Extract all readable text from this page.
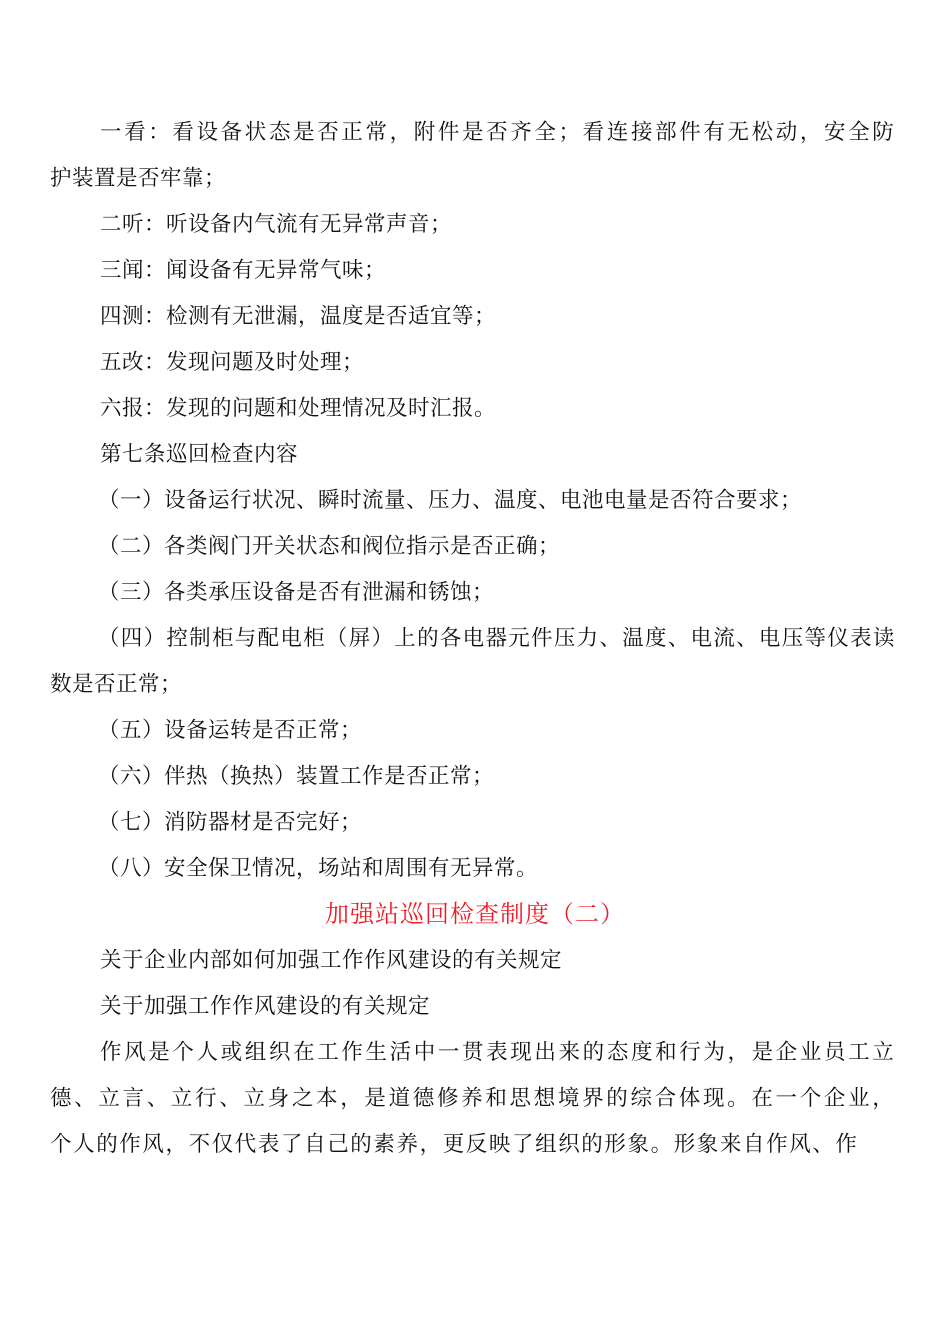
一看：看设备状态是否正常，附件是否齐全；看连接部件有无松动，安全防
护装置是否牢靠；
二听：听设备内气流有无异常声音；
三闻：闻设备有无异常气味；
四测：检测有无泄漏，温度是否适宜等；
五改：发现问题及时处理；
六报：发现的问题和处理情况及时汇报。
第七条巡回检查内容
（一）设备运行状况、瞬时流量、压力、温度、电池电量是否符合要求；
（二）各类阀门开关状态和阀位指示是否正确；
（三）各类承压设备是否有泄漏和锈蚀；
（四）控制柜与配电柜（屏）上的各电器元件压力、温度、电流、电压等仪表读
数是否正常；
（五）设备运转是否正常；
（六）伴热（换热）装置工作是否正常；
（七）消防器材是否完好；
（八）安全保卫情况，场站和周围有无异常。
加强站巡回检查制度（二）
关于企业内部如何加强工作作风建设的有关规定
关于加强工作作风建设的有关规定
作风是个人或组织在工作生活中一贯表现出来的态度和行为，是企业员工立
德、立言、立行、立身之本，是道德修养和思想境界的综合体现。在一个企业，
个人的作风，不仅代表了自己的素养，更反映了组织的形象。形象来自作风、作
